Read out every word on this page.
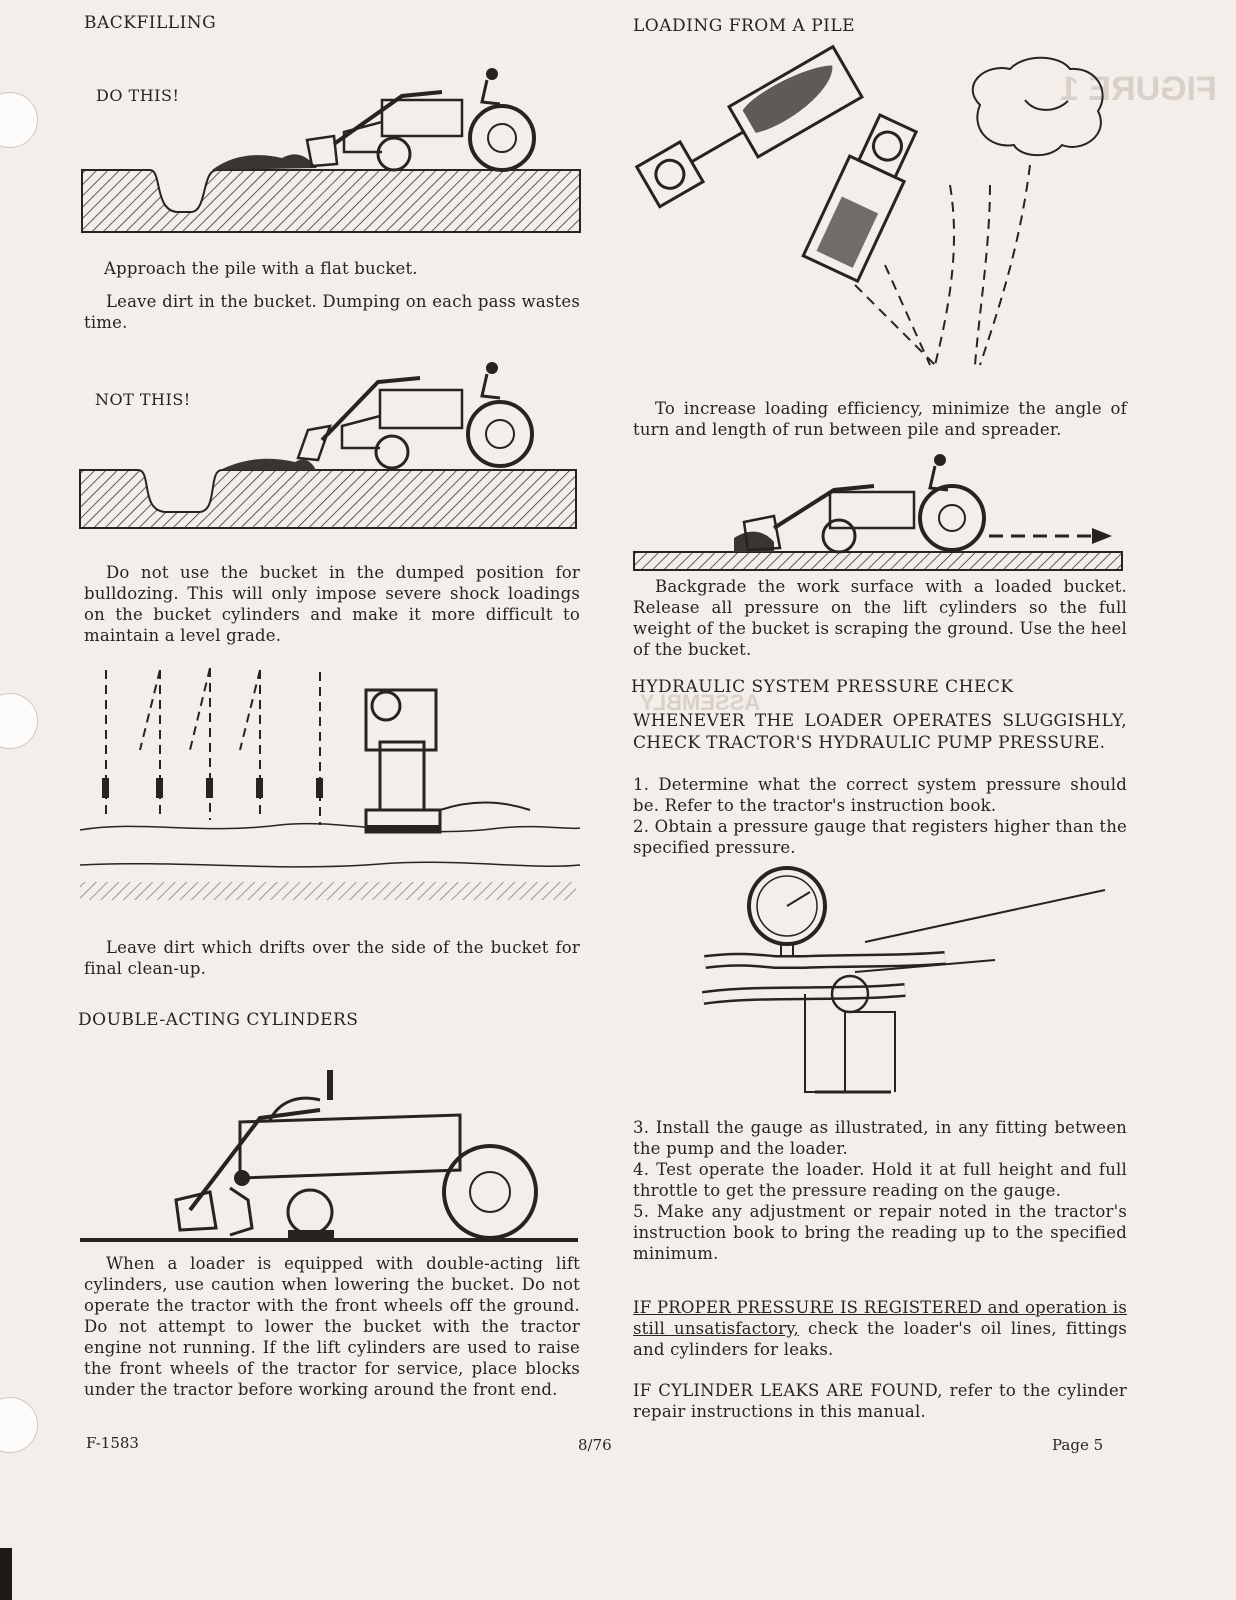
FIGURE 1
ASSEMBLY
BACKFILLING
DO THIS!
Approach the pile with a flat bucket.

Leave dirt in the bucket. Dumping on each pass wastes time.

NOT THIS!

Do not use the bucket in the dumped position for bulldozing. This will only impose severe shock loadings on the bucket cylinders and make it more difficult to maintain a level grade.

Leave dirt which drifts over the side of the bucket for final clean-up.

DOUBLE-ACTING CYLINDERS

When a loader is equipped with double-acting lift cylinders, use caution when lowering the bucket. Do not operate the tractor with the front wheels off the ground. Do not attempt to lower the bucket with the tractor engine not running. If the lift cylinders are used to raise the front wheels of the tractor for service, place blocks under the tractor before working around the front end.

LOADING FROM A PILE

To increase loading efficiency, minimize the angle of turn and length of run between pile and spreader.

Backgrade the work surface with a loaded bucket. Release all pressure on the lift cylinders so the full weight of the bucket is scraping the ground. Use the heel of the bucket.

HYDRAULIC SYSTEM PRESSURE CHECK
WHENEVER THE LOADER OPERATES SLUGGISHLY, CHECK TRACTOR'S HYDRAULIC PUMP PRESSURE.

1. Determine what the correct system pressure should be. Refer to the tractor's instruction book.

2. Obtain a pressure gauge that registers higher than the specified pressure.

3. Install the gauge as illustrated, in any fitting between the pump and the loader.

4. Test operate the loader. Hold it at full height and full throttle to get the pressure reading on the gauge.

5. Make any adjustment or repair noted in the tractor's instruction book to bring the reading up to the specified minimum.

IF PROPER PRESSURE IS REGISTERED and operation is still unsatisfactory, check the loader's oil lines, fittings and cylinders for leaks.

IF CYLINDER LEAKS ARE FOUND, refer to the cylinder repair instructions in this manual.

F-1583	8/76	Page 5
